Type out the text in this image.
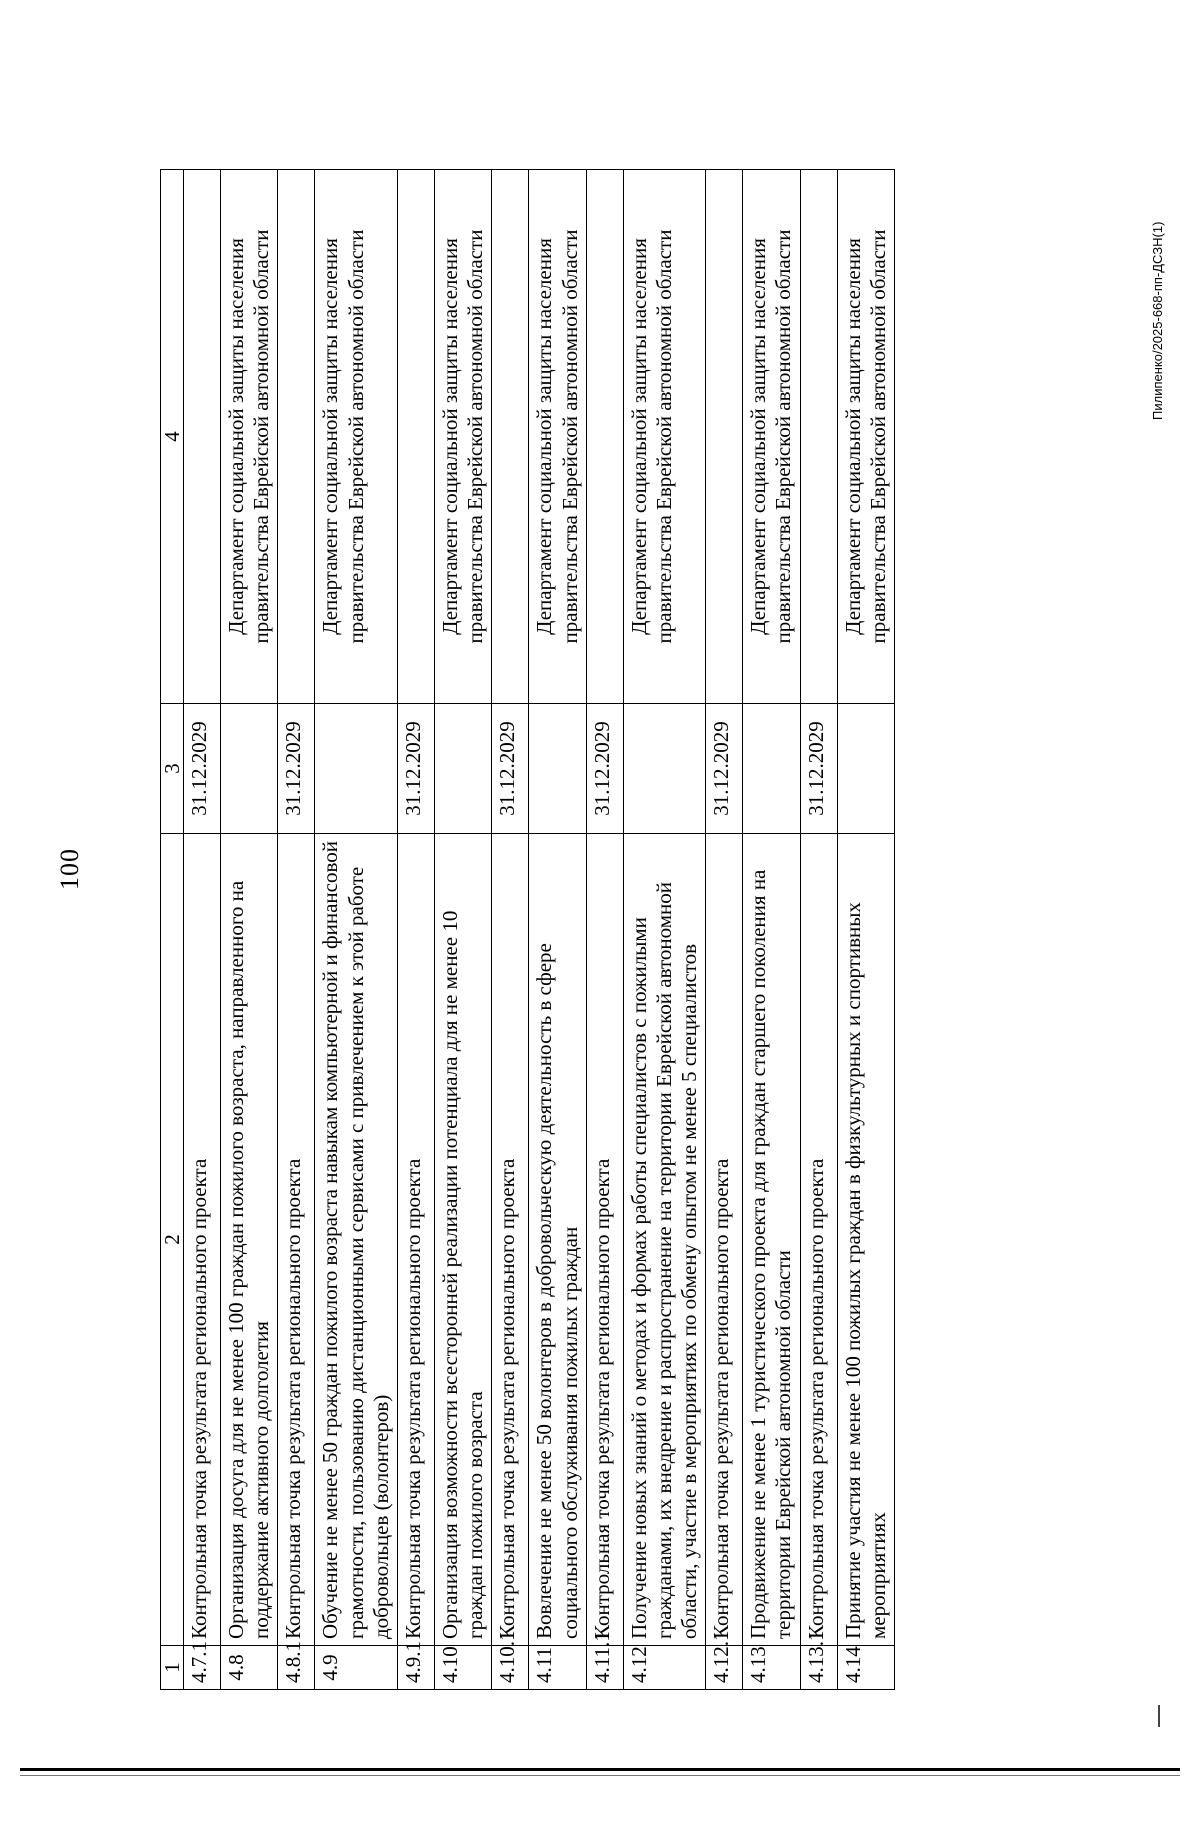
100
1	2	3	4
4.7.1	Контрольная точка результата регионального проекта	31.12.2029	
4.8	Организация досуга для не менее 100 граждан пожилого возраста, направленного на поддержание активного долголетия		Департамент социальной защиты населения правительства Еврейской автономной области
4.8.1	Контрольная точка результата регионального проекта	31.12.2029	
4.9	Обучение не менее 50 граждан пожилого возраста навыкам компьютерной и финансовой грамотности, пользованию дистанционными сервисами с привлечением к этой работе добровольцев (волонтеров)		Департамент социальной защиты населения правительства Еврейской автономной области
4.9.1	Контрольная точка результата регионального проекта	31.12.2029	
4.10	Организация возможности всесторонней реализации потенциала для не менее 10 граждан пожилого возраста		Департамент социальной защиты населения правительства Еврейской автономной области
4.10.1	Контрольная точка результата регионального проекта	31.12.2029	
4.11	Вовлечение не менее 50 волонтеров в добровольческую деятельность в сфере социального обслуживания пожилых граждан		Департамент социальной защиты населения правительства Еврейской автономной области
4.11.1	Контрольная точка результата регионального проекта	31.12.2029	
4.12	Получение новых знаний о методах и формах работы специалистов с пожилыми гражданами, их внедрение и распространение на территории Еврейской автономной области, участие в мероприятиях по обмену опытом не менее 5 специалистов		Департамент социальной защиты населения правительства Еврейской автономной области
4.12.1	Контрольная точка результата регионального проекта	31.12.2029	
4.13	Продвижение не менее 1 туристического проекта для граждан старшего поколения на территории Еврейской автономной области		Департамент социальной защиты населения правительства Еврейской автономной области
4.13.1	Контрольная точка результата регионального проекта	31.12.2029	
4.14	Принятие участия не менее 100 пожилых граждан в физкультурных и спортивных мероприятиях		Департамент социальной защиты населения правительства Еврейской автономной области	Пилипенко/2025-668-пп-ДСЗН(1)
